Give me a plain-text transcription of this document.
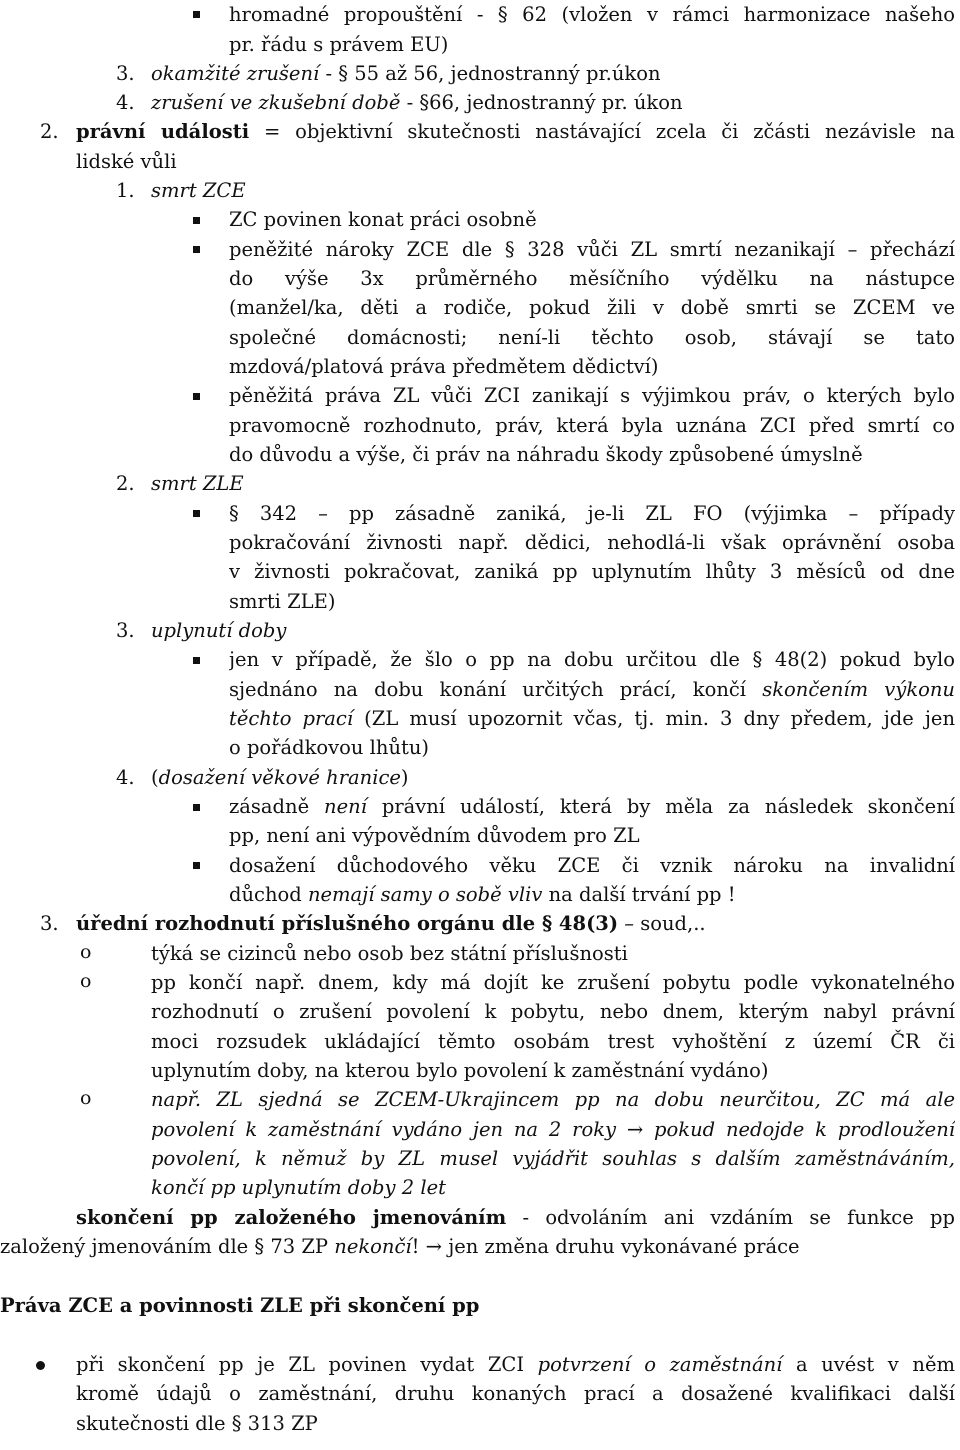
hromadné propouštění - § 62 (vložen v rámci harmonizace našeho
pr. řádu s právem EU)
3. okamžité zrušení - § 55 až 56, jednostranný pr.úkon
4. zrušení ve zkušební době - §66, jednostranný pr. úkon
2. právní události = objektivní skutečnosti nastávající zcela či zčásti nezávisle na
lidské vůli
1. smrt ZCE
ZC povinen konat práci osobně
peněžité nároky ZCE dle § 328 vůči ZL smrtí nezanikají – přechází
do výše 3x průměrného měsíčního výdělku na nástupce
(manžel/ka, děti a rodiče, pokud žili v době smrti se ZCEM ve
společné domácnosti; není-li těchto osob, stávají se tato
mzdová/platová práva předmětem dědictví)
pěněžitá práva ZL vůči ZCI zanikají s výjimkou práv, o kterých bylo
pravomocně rozhodnuto, práv, která byla uznána ZCI před smrtí co
do důvodu a výše, či práv na náhradu škody způsobené úmyslně
2. smrt ZLE
§ 342 – pp zásadně zaniká, je-li ZL FO (výjimka – případy
pokračování živnosti např. dědici, nehodlá-li však oprávnění osoba
v živnosti pokračovat, zaniká pp uplynutím lhůty 3 měsíců od dne
smrti ZLE)
3. uplynutí doby
jen v případě, že šlo o pp na dobu určitou dle § 48(2) pokud bylo
sjednáno na dobu konání určitých prácí, končí skončením výkonu
těchto prací (ZL musí upozornit včas, tj. min. 3 dny předem, jde jen
o pořádkovou lhůtu)
4. (dosažení věkové hranice)
zásadně není právní událostí, která by měla za následek skončení
pp, není ani výpovědním důvodem pro ZL
dosažení důchodového věku ZCE či vznik nároku na invalidní
důchod nemají samy o sobě vliv na další trvání pp !
3. úřední rozhodnutí příslušného orgánu dle § 48(3) – soud,..
o	týká se cizinců nebo osob bez státní příslušnosti
o	pp končí např. dnem, kdy má dojít ke zrušení pobytu podle vykonatelného
rozhodnutí o zrušení povolení k pobytu, nebo dnem, kterým nabyl právní
moci rozsudek ukládající těmto osobám trest vyhoštění z území ČR či
uplynutím doby, na kterou bylo povolení k zaměstnání vydáno)
o	např. ZL sjedná se ZCEM-Ukrajincem pp na dobu neurčitou, ZC má ale
povolení k zaměstnání vydáno jen na 2 roky → pokud nedojde k prodloužení
povolení, k němuž by ZL musel vyjádřit souhlas s dalším zaměstnáváním,
končí pp uplynutím doby 2 let
skončení pp založeného jmenováním - odvoláním ani vzdáním se funkce pp
založený jmenováním dle § 73 ZP nekončí! → jen změna druhu vykonávané práce
Práva ZCE a povinnosti ZLE při skončení pp
při skončení pp je ZL povinen vydat ZCI potvrzení o zaměstnání a uvést v něm
kromě údajů o zaměstnání, druhu konaných prací a dosažené kvalifikaci další
skutečnosti dle § 313 ZP
